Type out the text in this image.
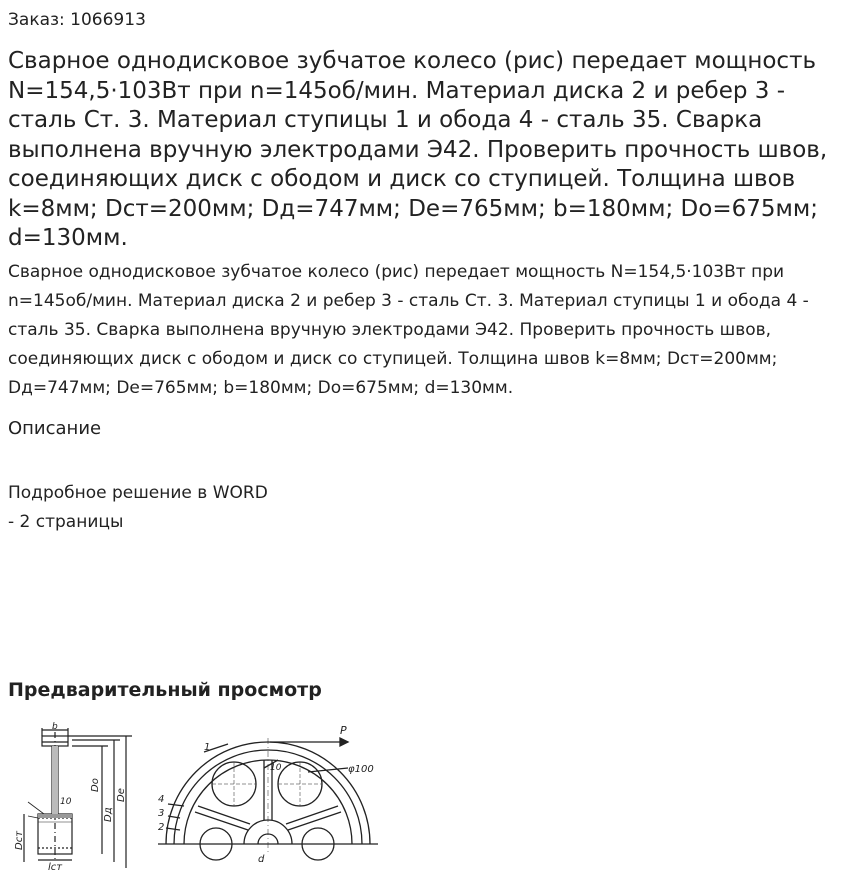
Заказ: 1066913
Сварное однодисковое зубчатое колесо (рис) передает мощность N=154,5·103Вт при n=145об/мин. Материал диска 2 и ребер 3 - сталь Ст. 3. Материал ступицы 1 и обода 4 - сталь 35. Сварка выполнена вручную электродами Э42. Проверить прочность швов, соединяющих диск с ободом и диск со ступицей. Толщина швов k=8мм; Dст=200мм; Dд=747мм; De=765мм; b=180мм; Do=675мм; d=130мм.

Сварное однодисковое зубчатое колесо (рис) передает мощность N=154,5·103Вт при n=145об/мин. Материал диска 2 и ребер 3 - сталь Ст. 3. Материал ступицы 1 и обода 4 - сталь 35. Сварка выполнена вручную электродами Э42. Проверить прочность швов, соединяющих диск с ободом и диск со ступицей. Толщина швов k=8мм; Dст=200мм; Dд=747мм; De=765мм; b=180мм; Do=675мм; d=130мм.

Описание
Подробное решение в WORD - 2 страницы
Предварительный просмотр
Do
Dд
De
Dст
lст
b
10
P
φ100
4
3
2
10
d
1
